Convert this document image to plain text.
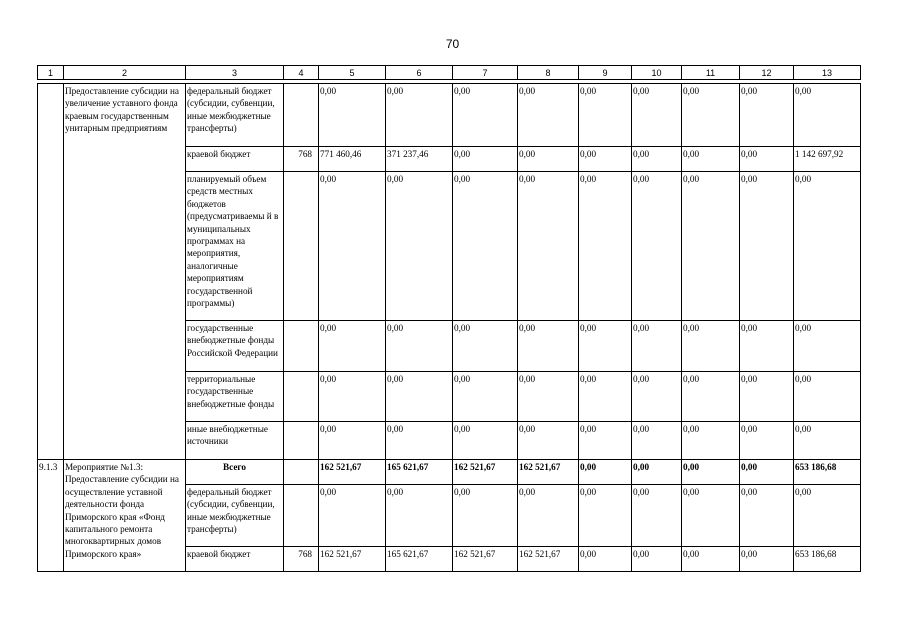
70
1	2	3	4	5	6	7	8	9	10	11	12	13
	Предоставление субсидии на увеличение уставного фонда краевым государственным унитарным предприятиям	федеральный бюджет (субсидии, субвенции, иные межбюджетные трансферты)		0,00	0,00	0,00	0,00	0,00	0,00	0,00	0,00	0,00
		краевой бюджет	768	771 460,46	371 237,46	0,00	0,00	0,00	0,00	0,00	0,00	1 142 697,92
		планируемый объем средств местных бюджетов (предусматриваемы й в муниципальных программах на мероприятия, аналогичные мероприятиям государственной программы)		0,00	0,00	0,00	0,00	0,00	0,00	0,00	0,00	0,00
		государственные внебюджетные фонды Российской Федерации		0,00	0,00	0,00	0,00	0,00	0,00	0,00	0,00	0,00
		территориальные государственные внебюджетные фонды		0,00	0,00	0,00	0,00	0,00	0,00	0,00	0,00	0,00
		иные внебюджетные источники		0,00	0,00	0,00	0,00	0,00	0,00	0,00	0,00	0,00
9.1.3	Мероприятие №1.3: Предоставление субсидии на осуществление уставной деятельности фонда Приморского края «Фонд капитального ремонта многоквартирных домов Приморского края»	Всего		162 521,67	165 621,67	162 521,67	162 521,67	0,00	0,00	0,00	0,00	653 186,68
		федеральный бюджет (субсидии, субвенции, иные межбюджетные трансферты)		0,00	0,00	0,00	0,00	0,00	0,00	0,00	0,00	0,00
		краевой бюджет	768	162 521,67	165 621,67	162 521,67	162 521,67	0,00	0,00	0,00	0,00	653 186,68
